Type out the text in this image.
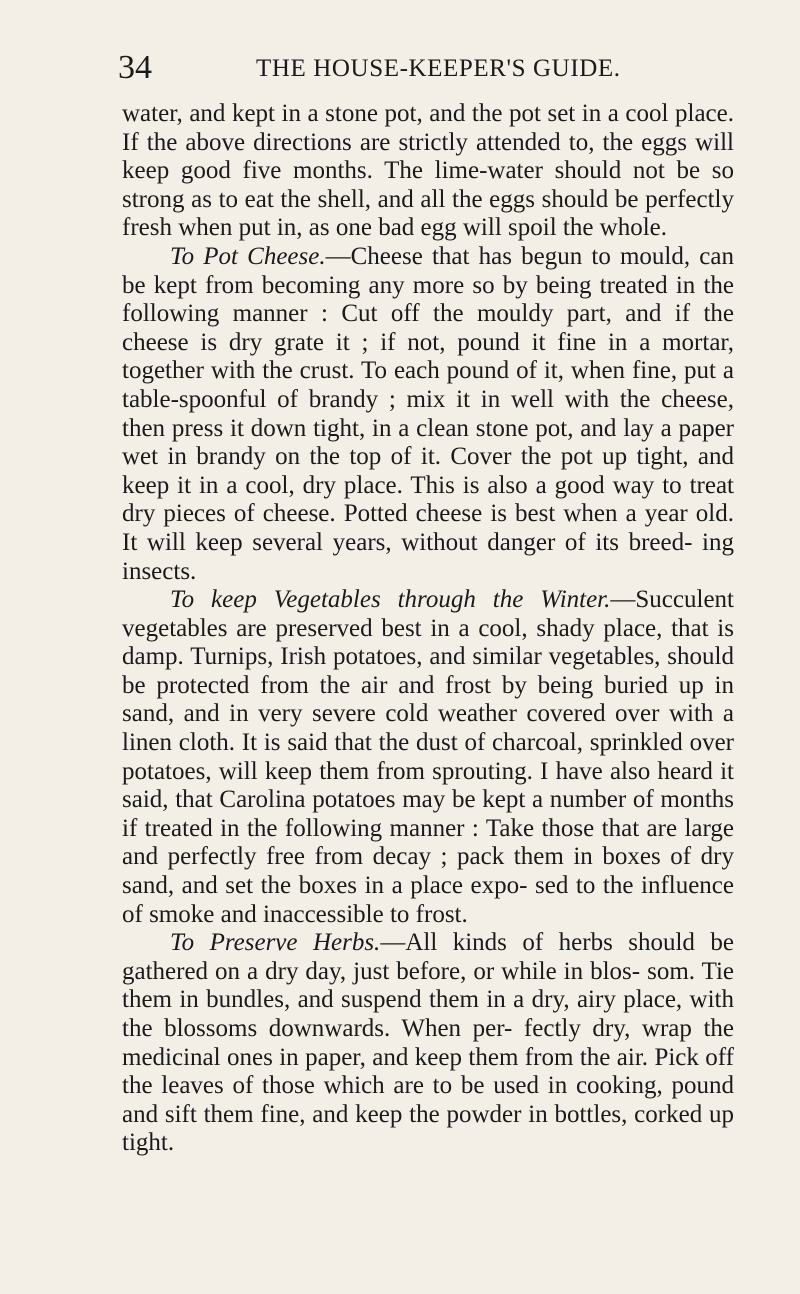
34	THE HOUSE-KEEPER'S GUIDE.

water, and kept in a stone pot, and the pot set in a cool place. If the above directions are strictly attended to, the eggs will keep good five months. The lime-water should not be so strong as to eat the shell, and all the eggs should be perfectly fresh when put in, as one bad egg will spoil the whole.

To Pot Cheese.—Cheese that has begun to mould, can be kept from becoming any more so by being treated in the following manner : Cut off the mouldy part, and if the cheese is dry grate it ; if not, pound it fine in a mortar, together with the crust. To each pound of it, when fine, put a table-spoonful of brandy ; mix it in well with the cheese, then press it down tight, in a clean stone pot, and lay a paper wet in brandy on the top of it. Cover the pot up tight, and keep it in a cool, dry place. This is also a good way to treat dry pieces of cheese. Potted cheese is best when a year old. It will keep several years, without danger of its breed- ing insects.

To keep Vegetables through the Winter.—Succulent vegetables are preserved best in a cool, shady place, that is damp. Turnips, Irish potatoes, and similar vegetables, should be protected from the air and frost by being buried up in sand, and in very severe cold weather covered over with a linen cloth. It is said that the dust of charcoal, sprinkled over potatoes, will keep them from sprouting. I have also heard it said, that Carolina potatoes may be kept a number of months if treated in the following manner : Take those that are large and perfectly free from decay ; pack them in boxes of dry sand, and set the boxes in a place expo- sed to the influence of smoke and inaccessible to frost.

To Preserve Herbs.—All kinds of herbs should be gathered on a dry day, just before, or while in blos- som. Tie them in bundles, and suspend them in a dry, airy place, with the blossoms downwards. When per- fectly dry, wrap the medicinal ones in paper, and keep them from the air. Pick off the leaves of those which are to be used in cooking, pound and sift them fine, and keep the powder in bottles, corked up tight.
